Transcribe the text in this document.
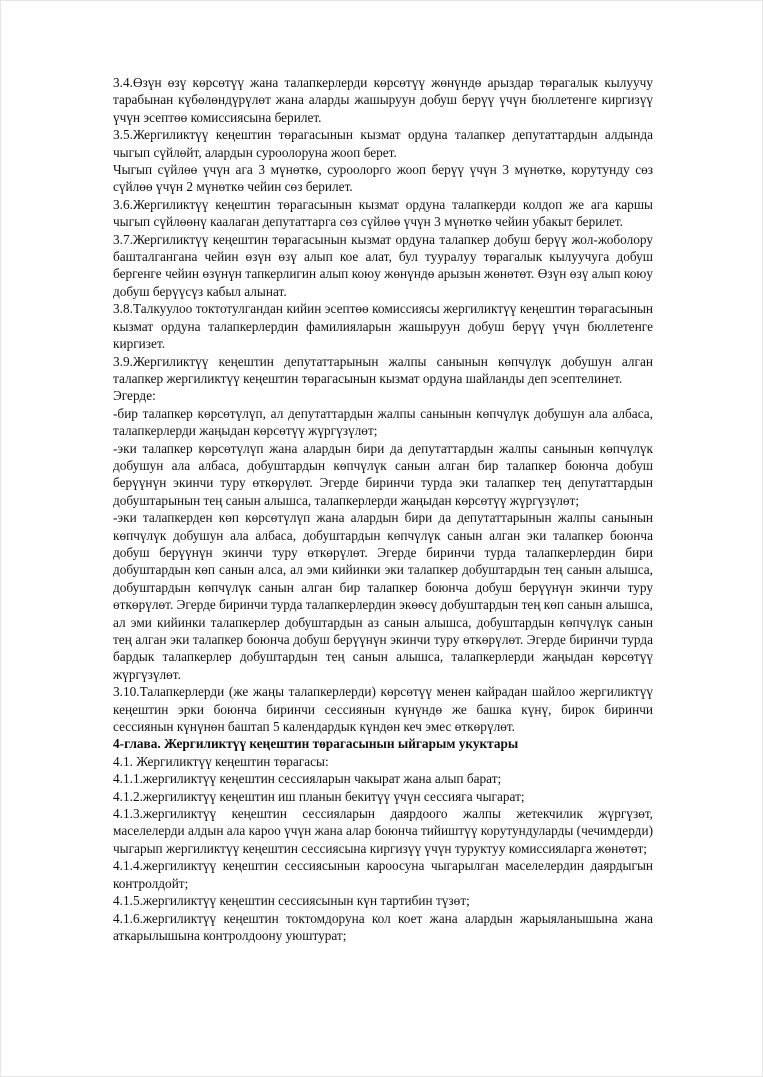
3.4.Өзүн өзү көрсөтүү жана талапкерлерди көрсөтүү жөнүндө арыздар төрагалык кылуучу тарабынан күбөлөндүрүлөт жана аларды жашыруун добуш берүү үчүн бюллетенге киргизүү үчүн эсептөө комиссиясына берилет.

3.5.Жергиликтүү кеңештин төрагасынын кызмат ордуна талапкер депутаттардын алдында чыгып сүйлөйт, алардын суроолоруна жооп берет.

Чыгып сүйлөө үчүн ага 3 мүнөткө, суроолорго жооп берүү үчүн 3 мүнөткө, корутунду сөз сүйлөө үчүн 2 мүнөткө чейин сөз берилет.

3.6.Жергиликтүү кеңештин төрагасынын кызмат ордуна талапкерди колдоп же ага каршы чыгып сүйлөөнү каалаган депутаттарга сөз сүйлөө үчүн 3 мүнөткө чейин убакыт берилет.

3.7.Жергиликтүү кеңештин төрагасынын кызмат ордуна талапкер добуш берүү жол-жоболору башталгангана чейин өзүн өзү алып кое алат, бул тууралуу төрагалык кылуучуга добуш бергенге чейин өзүнүн тапкерлигин алып коюу жөнүндө арызын жөнөтөт. Өзүн өзү алып коюу добуш берүүсүз кабыл алынат.

3.8.Талкуулоо токтотулгандан кийин эсептөө комиссиясы жергиликтүү кеңештин төрагасынын кызмат ордуна талапкерлердин фамилияларын жашыруун добуш берүү үчүн бюллетенге киргизет.

3.9.Жергиликтүү кеңештин депутаттарынын жалпы санынын көпчүлүк добушун алган талапкер жергиликтүү кеңештин төрагасынын кызмат ордуна шайланды деп эсептелинет.

Эгерде:

-бир талапкер көрсөтүлүп, ал депутаттардын жалпы санынын көпчүлүк добушун ала албаса, талапкерлерди жаңыдан көрсөтүү жүргүзүлөт;

-эки талапкер көрсөтүлүп жана алардын бири да депутаттардын жалпы санынын көпчүлүк добушун ала албаса, добуштардын көпчүлүк санын алган бир талапкер боюнча добуш берүүнүн экинчи туру өткөрүлөт. Эгерде биринчи турда эки талапкер тең депутаттардын добуштарынын тең санын алышса, талапкерлерди жаңыдан көрсөтүү жүргүзүлөт;

-эки талапкерден көп көрсөтүлүп жана алардын бири да депутаттарынын жалпы санынын көпчүлүк добушун ала албаса, добуштардын көпчүлүк санын алган эки талапкер боюнча добуш берүүнүн экинчи туру өткөрүлөт. Эгерде биринчи турда талапкерлердин бири добуштардын көп санын алса, ал эми кийинки эки талапкер добуштардын тең санын алышса, добуштардын көпчүлүк санын алган бир талапкер боюнча добуш берүүнүн экинчи туру өткөрүлөт. Эгерде биринчи турда талапкерлердин экөөсү добуштардын тең көп санын алышса, ал эми кийинки талапкерлер добуштардын аз санын алышса, добуштардын көпчүлүк санын тең алган эки талапкер боюнча добуш берүүнүн экинчи туру өткөрүлөт. Эгерде биринчи турда бардык талапкерлер добуштардын тең санын алышса, талапкерлерди жаңыдан көрсөтүү жүргүзүлөт.

3.10.Талапкерлерди (же жаңы талапкерлерди) көрсөтүү менен кайрадан шайлоо жергиликтүү кеңештин эрки боюнча биринчи сессиянын күнүндө же башка күнү, бирок биринчи сессиянын күнүнөн баштап 5 календардык күндөн кеч эмес өткөрүлөт.

4-глава. Жергиликтүү кеңештин төрагасынын ыйгарым укуктары

4.1. Жергиликтүү кеңештин төрагасы:

4.1.1.жергиликтүү кеңештин сессияларын чакырат жана алып барат;

4.1.2.жергиликтүү кеңештин иш планын бекитүү үчүн сессияга чыгарат;

4.1.3.жергиликтүү кеңештин сессияларын даярдоого жалпы жетекчилик жүргүзөт, маселелерди алдын ала кароо үчүн жана алар боюнча тийиштүү корутундуларды (чечимдерди) чыгарып жергиликтүү кеңештин сессиясына киргизүү үчүн туруктуу комиссияларга жөнөтөт;

4.1.4.жергиликтүү кеңештин сессиясынын кароосуна чыгарылган маселелердин даярдыгын контролдойт;

4.1.5.жергиликтүү кеңештин сессиясынын күн тартибин түзөт;

4.1.6.жергиликтүү кеңештин токтомдоруна кол коет жана алардын жарыяланышына жана аткарылышына контролдоону уюштурат;
